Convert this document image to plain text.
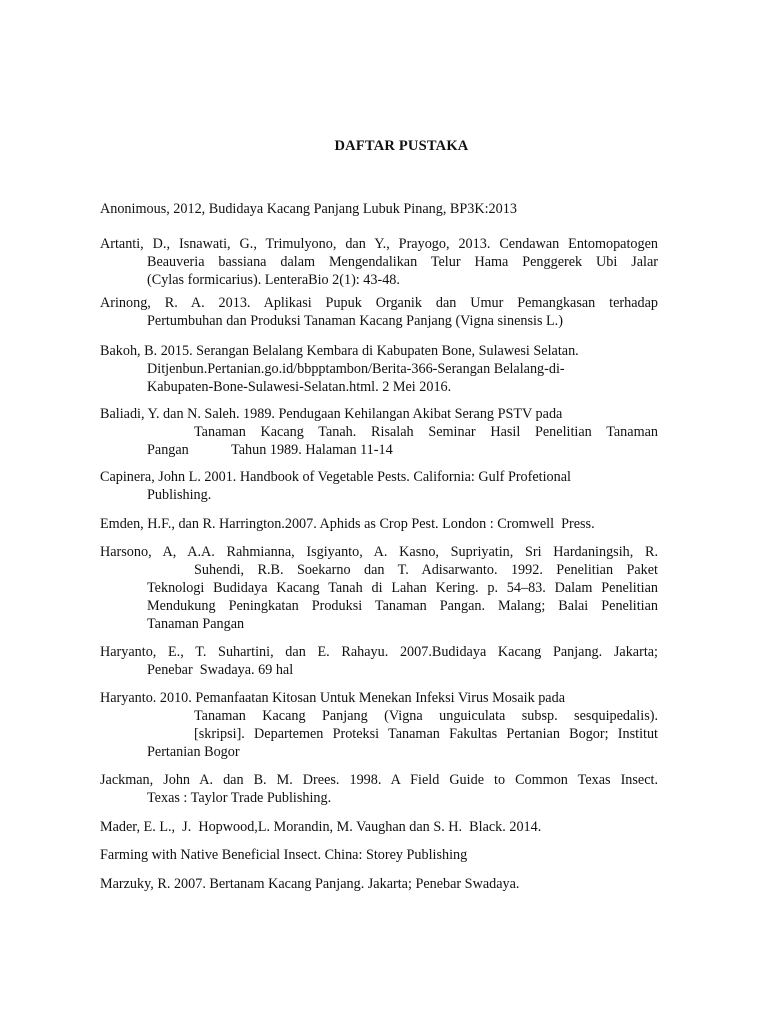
DAFTAR PUSTAKA
Anonimous, 2012, Budidaya Kacang Panjang Lubuk Pinang, BP3K:2013
Artanti, D., Isnawati, G., Trimulyono, dan Y., Prayogo, 2013. Cendawan Entomopatogen
Beauveria bassiana dalam Mengendalikan Telur Hama Penggerek Ubi Jalar
(Cylas formicarius). LenteraBio 2(1): 43-48.
Arinong, R. A. 2013. Aplikasi Pupuk Organik dan Umur Pemangkasan terhadap
Pertumbuhan dan Produksi Tanaman Kacang Panjang (Vigna sinensis L.)
Bakoh, B. 2015. Serangan Belalang Kembara di Kabupaten Bone, Sulawesi Selatan.
Ditjenbun.Pertanian.go.id/bbpptambon/Berita-366-Serangan Belalang-di-
Kabupaten-Bone-Sulawesi-Selatan.html. 2 Mei 2016.
Baliadi, Y. dan N. Saleh. 1989. Pendugaan Kehilangan Akibat Serang PSTV pada
Tanaman Kacang Tanah. Risalah Seminar Hasil Penelitian Tanaman
Pangan            Tahun 1989. Halaman 11-14
Capinera, John L. 2001. Handbook of Vegetable Pests. California: Gulf Profetional
Publishing.
Emden, H.F., dan R. Harrington.2007. Aphids as Crop Pest. London : Cromwell  Press.
Harsono, A, A.A. Rahmianna, Isgiyanto, A. Kasno, Supriyatin, Sri Hardaningsih, R.
Suhendi, R.B. Soekarno dan T. Adisarwanto. 1992. Penelitian Paket
Teknologi Budidaya Kacang Tanah di Lahan Kering. p. 54–83. Dalam Penelitian
Mendukung Peningkatan Produksi Tanaman Pangan. Malang; Balai Penelitian
Tanaman Pangan
Haryanto, E., T. Suhartini, dan E. Rahayu. 2007.Budidaya Kacang Panjang. Jakarta;
Penebar  Swadaya. 69 hal
Haryanto. 2010. Pemanfaatan Kitosan Untuk Menekan Infeksi Virus Mosaik pada
Tanaman Kacang Panjang (Vigna unguiculata subsp. sesquipedalis).
[skripsi]. Departemen Proteksi Tanaman Fakultas Pertanian Bogor; Institut
Pertanian Bogor
Jackman, John A. dan B. M. Drees. 1998. A Field Guide to Common Texas Insect.
Texas : Taylor Trade Publishing.
Mader, E. L.,  J.  Hopwood,L. Morandin, M. Vaughan dan S. H.  Black. 2014.
Farming with Native Beneficial Insect. China: Storey Publishing
Marzuky, R. 2007. Bertanam Kacang Panjang. Jakarta; Penebar Swadaya.
